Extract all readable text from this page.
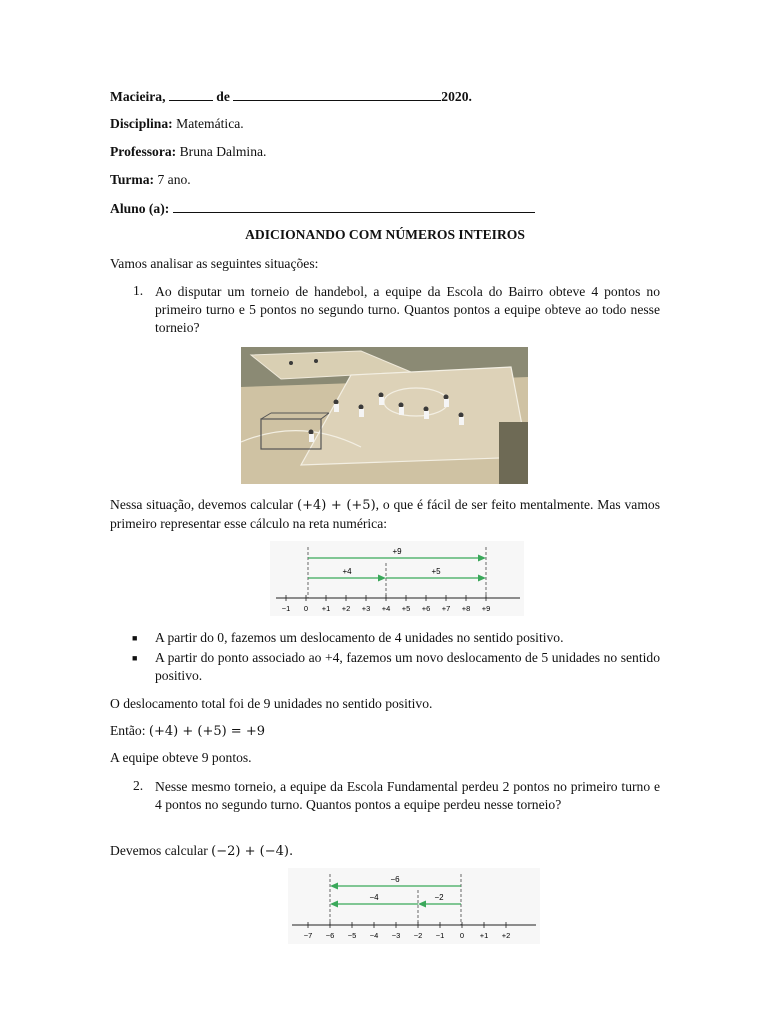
Macieira,	de	2020.
Disciplina: Matemática.
Professora: Bruna Dalmina.
Turma: 7 ano.
Aluno (a):
ADICIONANDO COM NÚMEROS INTEIROS
Vamos analisar as seguintes situações:
1. Ao disputar um torneio de handebol, a equipe da Escola do Bairro obteve 4 pontos no primeiro turno e 5 pontos no segundo turno. Quantos pontos a equipe obteve ao todo nesse torneio?
Nessa situação, devemos calcular (+4) + (+5), o que é fácil de ser feito mentalmente. Mas vamos primeiro representar esse cálculo na reta numérica:
+9
+4	+5
−1 0 +1 +2 +3 +4 +5 +6 +7 +8 +9
■ A partir do 0, fazemos um deslocamento de 4 unidades no sentido positivo.
■ A partir do ponto associado ao +4, fazemos um novo deslocamento de 5 unidades no sentido positivo.
O deslocamento total foi de 9 unidades no sentido positivo.
Então: (+4) + (+5) = +9
A equipe obteve 9 pontos.
2. Nesse mesmo torneio, a equipe da Escola Fundamental perdeu 2 pontos no primeiro turno e 4 pontos no segundo turno. Quantos pontos a equipe perdeu nesse torneio?
Devemos calcular (−2) + (−4).
−6
−4	−2
−7 −6 −5 −4 −3 −2 −1 0 +1 +2
